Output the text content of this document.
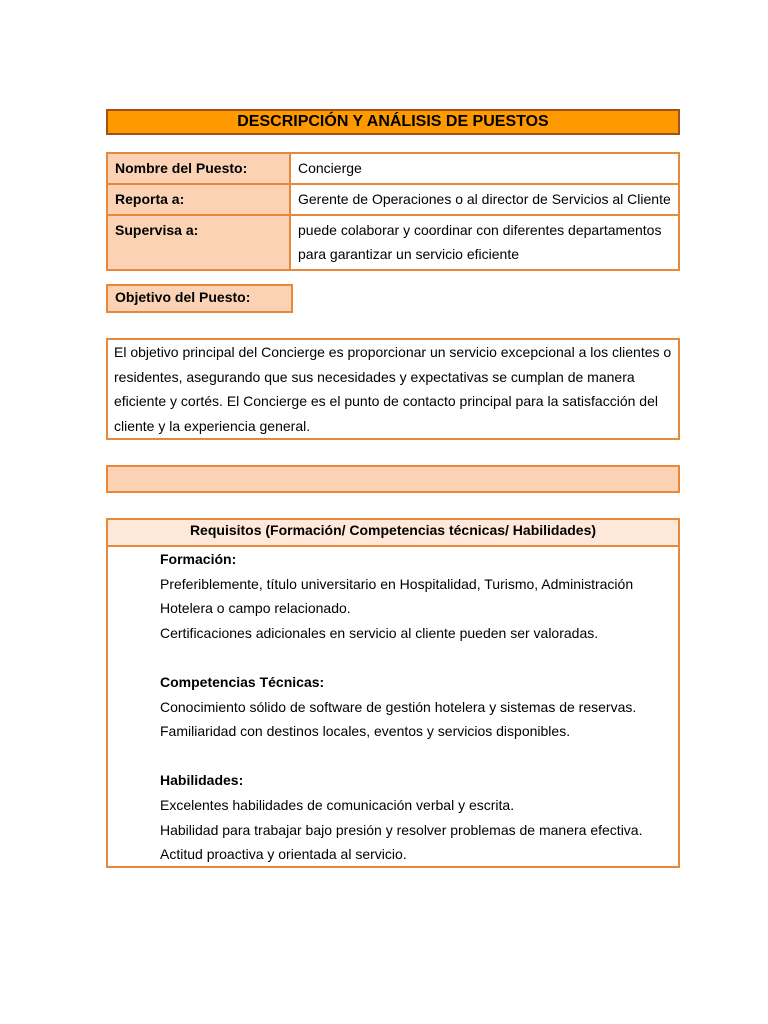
DESCRIPCIÓN Y ANÁLISIS DE PUESTOS
Nombre del Puesto:	Concierge
Reporta a:	Gerente de Operaciones o al director de Servicios al Cliente
Supervisa a:	puede colaborar y coordinar con diferentes departamentos para garantizar un servicio eficiente
Objetivo del Puesto:
El objetivo principal del Concierge es proporcionar un servicio excepcional a los clientes o residentes, asegurando que sus necesidades y expectativas se cumplan de manera eficiente y cortés. El Concierge es el punto de contacto principal para la satisfacción del cliente y la experiencia general.
Requisitos (Formación/ Competencias técnicas/ Habilidades)
Formación:
Preferiblemente, título universitario en Hospitalidad, Turismo, Administración
Hotelera o campo relacionado.
Certificaciones adicionales en servicio al cliente pueden ser valoradas.
Competencias Técnicas:
Conocimiento sólido de software de gestión hotelera y sistemas de reservas.
Familiaridad con destinos locales, eventos y servicios disponibles.
Habilidades:
Excelentes habilidades de comunicación verbal y escrita.
Habilidad para trabajar bajo presión y resolver problemas de manera efectiva.
Actitud proactiva y orientada al servicio.
